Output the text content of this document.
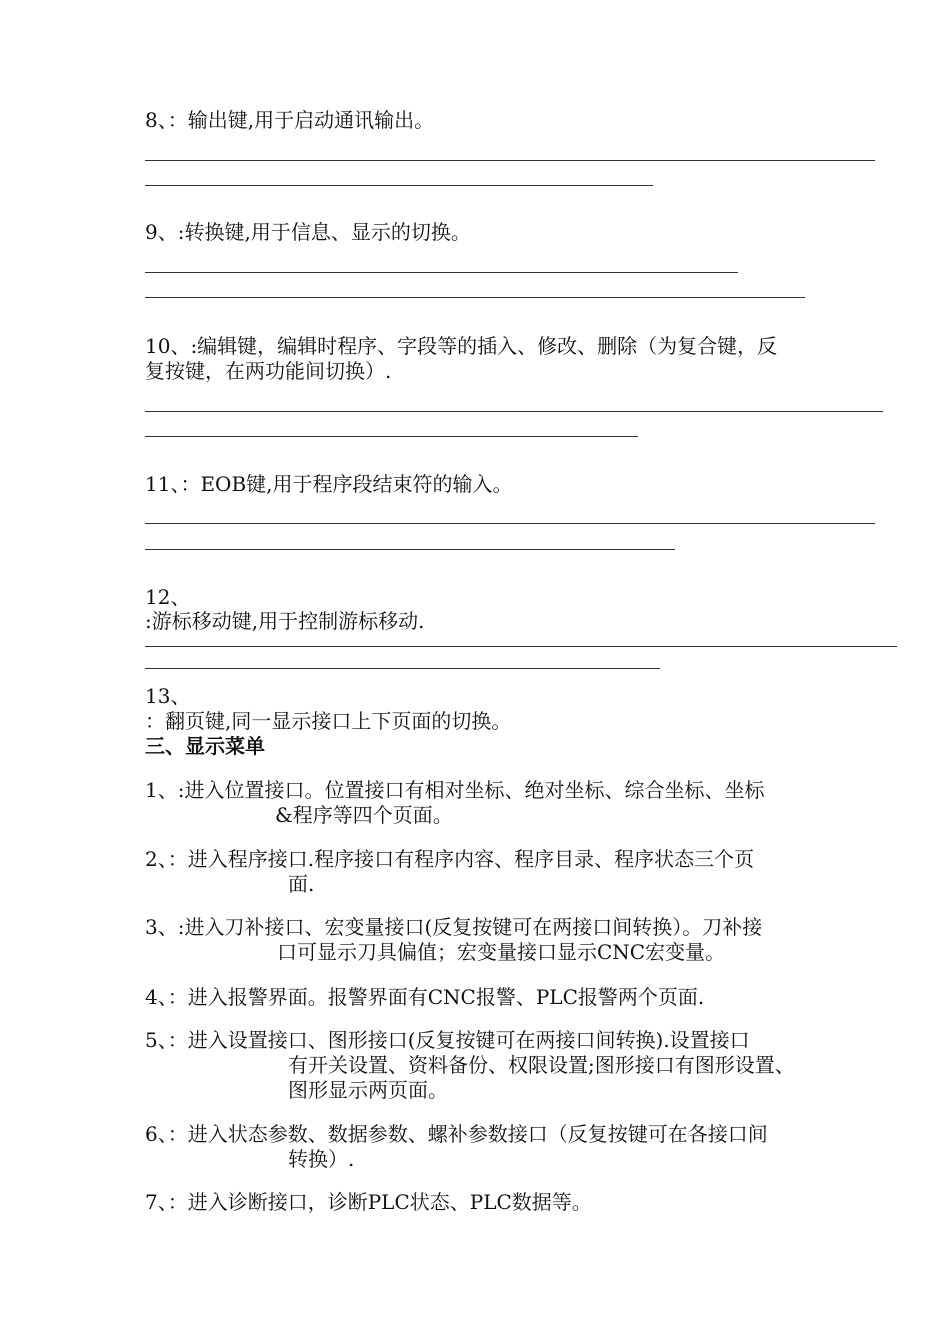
8、：输出键,用于启动通讯输出。
9、:转换键,用于信息、显示的切换。
10、:编辑键，编辑时程序、字段等的插入、修改、删除（为复合键，反
复按键，在两功能间切换）.
11、：EOB键,用于程序段结束符的输入。
12、
:游标移动键,用于控制游标移动.
13、
：翻页键,同一显示接口上下页面的切换。
三、显示菜单
1、:进入位置接口。位置接口有相对坐标、绝对坐标、综合坐标、坐标
&程序等四个页面。
2、：进入程序接口.程序接口有程序内容、程序目录、程序状态三个页
面.
3、:进入刀补接口、宏变量接口(反复按键可在两接口间转换）。刀补接
口可显示刀具偏值；宏变量接口显示CNC宏变量。
4、：进入报警界面。报警界面有CNC报警、PLC报警两个页面.
5、：进入设置接口、图形接口(反复按键可在两接口间转换).设置接口
有开关设置、资料备份、权限设置;图形接口有图形设置、
图形显示两页面。
6、：进入状态参数、数据参数、螺补参数接口（反复按键可在各接口间
转换）.
7、：进入诊断接口，诊断PLC状态、PLC数据等。
